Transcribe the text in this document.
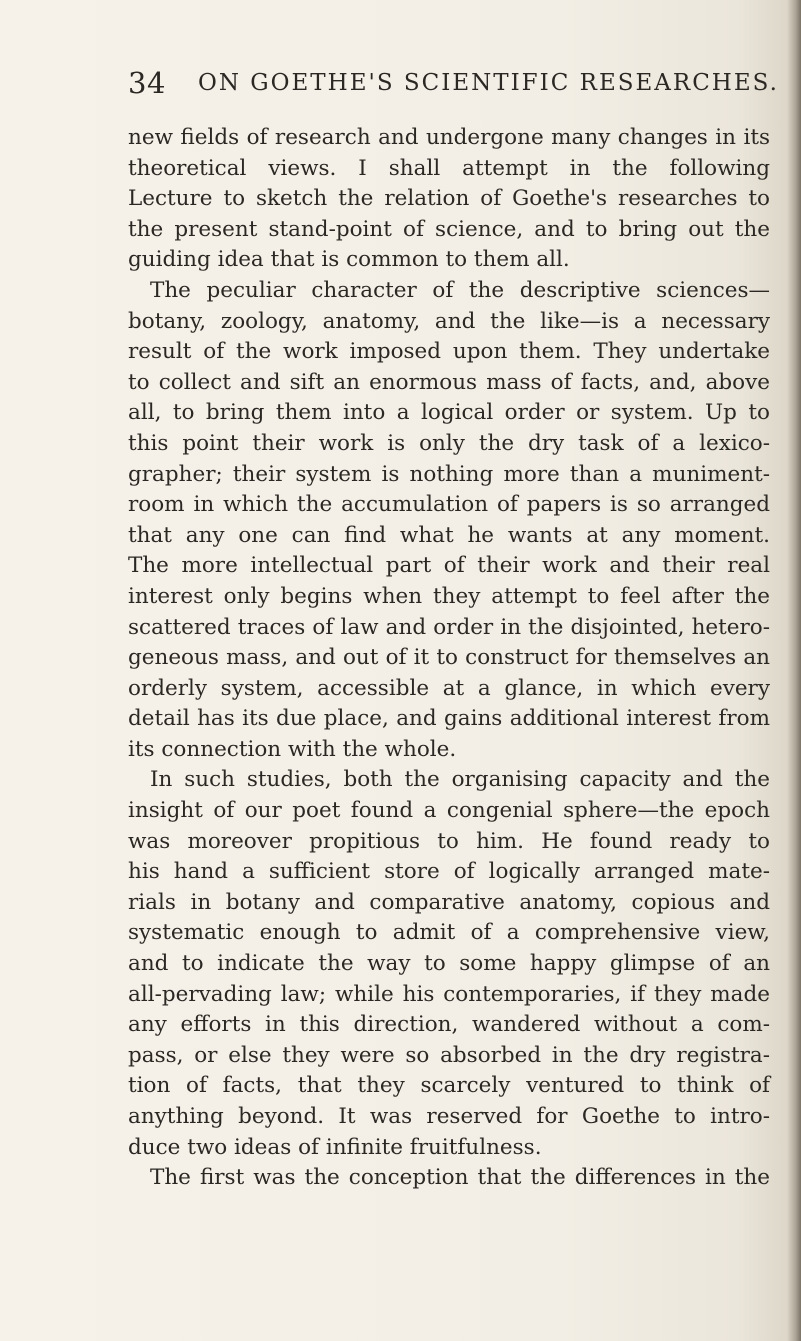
34 ON GOETHE'S SCIENTIFIC RESEARCHES.
new fields of research and undergone many changes in its
theoretical views. I shall attempt in the following
Lecture to sketch the relation of Goethe's researches to
the present stand-point of science, and to bring out the
guiding idea that is common to them all.
The peculiar character of the descriptive sciences—
botany, zoology, anatomy, and the like—is a necessary
result of the work imposed upon them. They undertake
to collect and sift an enormous mass of facts, and, above
all, to bring them into a logical order or system. Up to
this point their work is only the dry task of a lexico-
grapher; their system is nothing more than a muniment-
room in which the accumulation of papers is so arranged
that any one can find what he wants at any moment.
The more intellectual part of their work and their real
interest only begins when they attempt to feel after the
scattered traces of law and order in the disjointed, hetero-
geneous mass, and out of it to construct for themselves an
orderly system, accessible at a glance, in which every
detail has its due place, and gains additional interest from
its connection with the whole.
In such studies, both the organising capacity and the
insight of our poet found a congenial sphere—the epoch
was moreover propitious to him. He found ready to
his hand a sufficient store of logically arranged mate-
rials in botany and comparative anatomy, copious and
systematic enough to admit of a comprehensive view,
and to indicate the way to some happy glimpse of an
all-pervading law; while his contemporaries, if they made
any efforts in this direction, wandered without a com-
pass, or else they were so absorbed in the dry registra-
tion of facts, that they scarcely ventured to think of
anything beyond. It was reserved for Goethe to intro-
duce two ideas of infinite fruitfulness.
The first was the conception that the differences in the
